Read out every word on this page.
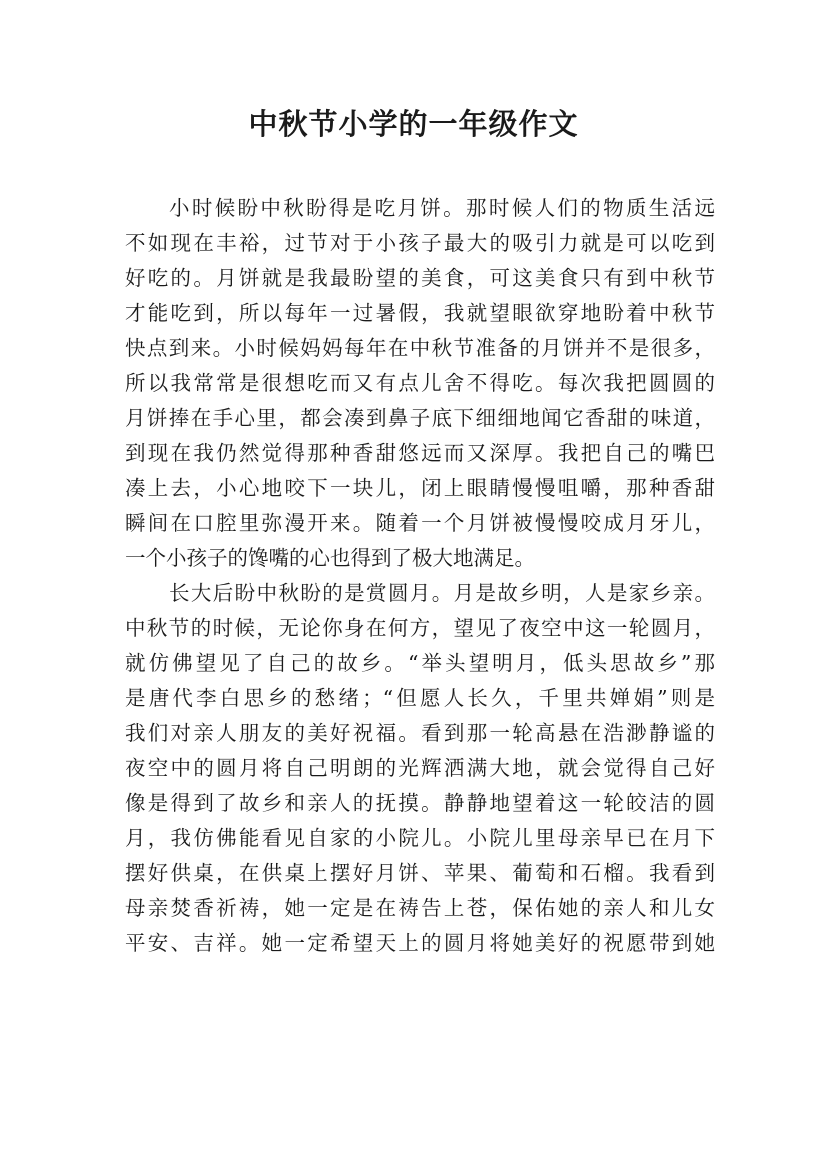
中秋节小学的一年级作文
小时候盼中秋盼得是吃月饼。那时候人们的物质生活远
不如现在丰裕，过节对于小孩子最大的吸引力就是可以吃到
好吃的。月饼就是我最盼望的美食，可这美食只有到中秋节
才能吃到，所以每年一过暑假，我就望眼欲穿地盼着中秋节
快点到来。小时候妈妈每年在中秋节准备的月饼并不是很多，
所以我常常是很想吃而又有点儿舍不得吃。每次我把圆圆的
月饼捧在手心里，都会凑到鼻子底下细细地闻它香甜的味道，
到现在我仍然觉得那种香甜悠远而又深厚。我把自己的嘴巴
凑上去，小心地咬下一块儿，闭上眼睛慢慢咀嚼，那种香甜
瞬间在口腔里弥漫开来。随着一个月饼被慢慢咬成月牙儿，
一个小孩子的馋嘴的心也得到了极大地满足。
长大后盼中秋盼的是赏圆月。月是故乡明，人是家乡亲。
中秋节的时候，无论你身在何方，望见了夜空中这一轮圆月，
就仿佛望见了自己的故乡。“举头望明月，低头思故乡”那
是唐代李白思乡的愁绪；“但愿人长久，千里共婵娟”则是
我们对亲人朋友的美好祝福。看到那一轮高悬在浩渺静谧的
夜空中的圆月将自己明朗的光辉洒满大地，就会觉得自己好
像是得到了故乡和亲人的抚摸。静静地望着这一轮皎洁的圆
月，我仿佛能看见自家的小院儿。小院儿里母亲早已在月下
摆好供桌，在供桌上摆好月饼、苹果、葡萄和石榴。我看到
母亲焚香祈祷，她一定是在祷告上苍，保佑她的亲人和儿女
平安、吉祥。她一定希望天上的圆月将她美好的祝愿带到她
